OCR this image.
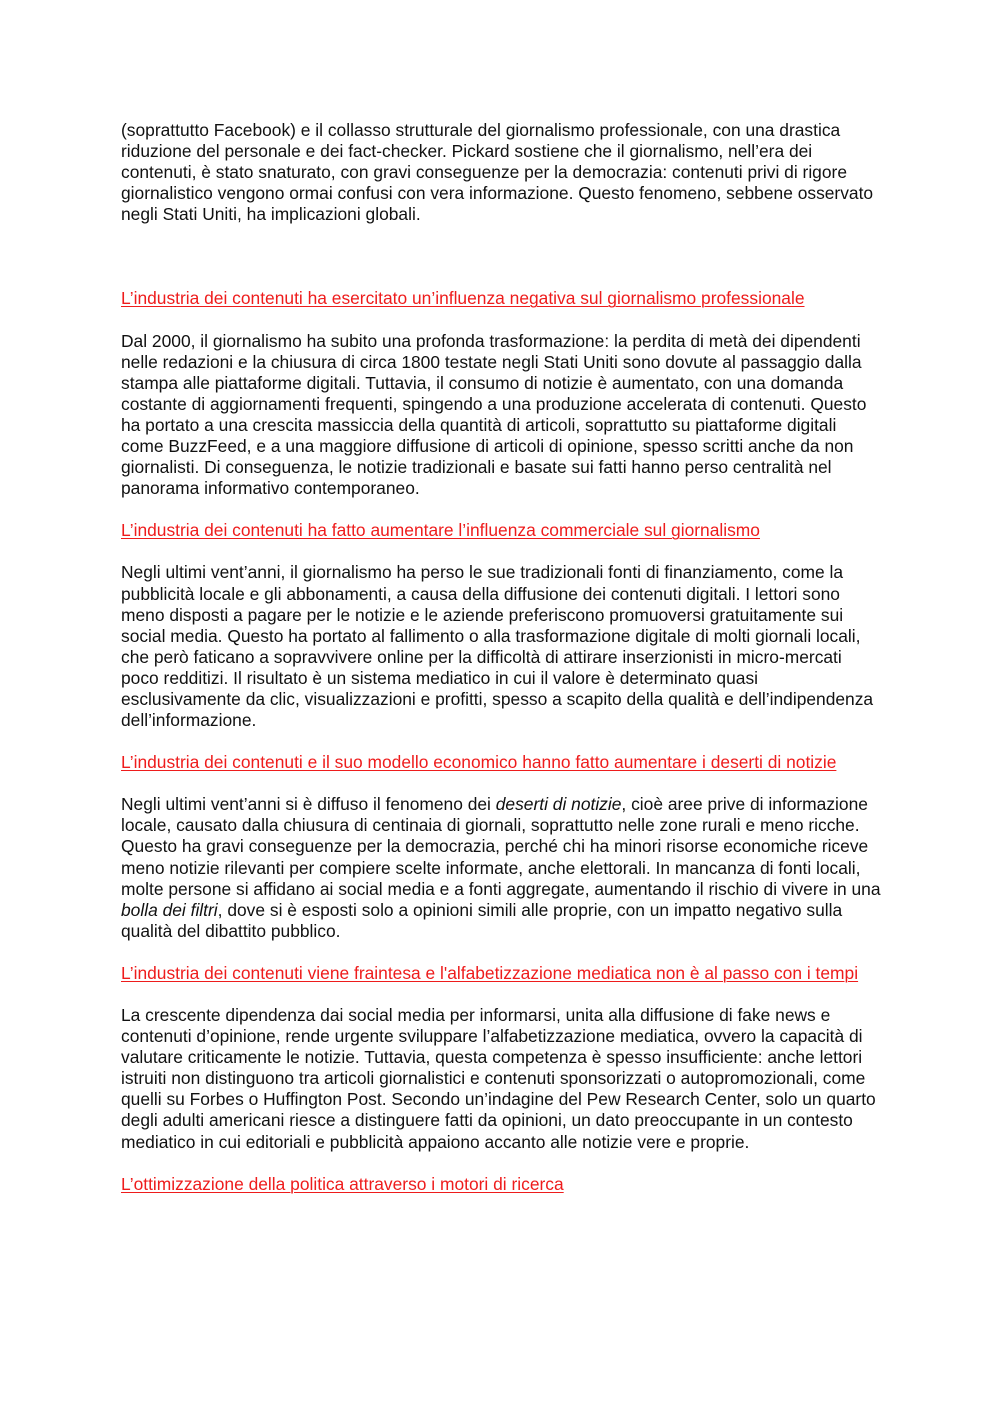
(soprattutto Facebook) e il collasso strutturale del giornalismo professionale, con una drastica riduzione del personale e dei fact-checker. Pickard sostiene che il giornalismo, nell’era dei contenuti, è stato snaturato, con gravi conseguenze per la democrazia: contenuti privi di rigore giornalistico vengono ormai confusi con vera informazione. Questo fenomeno, sebbene osservato negli Stati Uniti, ha implicazioni globali.

L’industria dei contenuti ha esercitato un’influenza negativa sul giornalismo professionale

Dal 2000, il giornalismo ha subito una profonda trasformazione: la perdita di metà dei dipendenti nelle redazioni e la chiusura di circa 1800 testate negli Stati Uniti sono dovute al passaggio dalla stampa alle piattaforme digitali. Tuttavia, il consumo di notizie è aumentato, con una domanda costante di aggiornamenti frequenti, spingendo a una produzione accelerata di contenuti. Questo ha portato a una crescita massiccia della quantità di articoli, soprattutto su piattaforme digitali come BuzzFeed, e a una maggiore diffusione di articoli di opinione, spesso scritti anche da non giornalisti. Di conseguenza, le notizie tradizionali e basate sui fatti hanno perso centralità nel panorama informativo contemporaneo.

L’industria dei contenuti ha fatto aumentare l’influenza commerciale sul giornalismo

Negli ultimi vent’anni, il giornalismo ha perso le sue tradizionali fonti di finanziamento, come la pubblicità locale e gli abbonamenti, a causa della diffusione dei contenuti digitali. I lettori sono meno disposti a pagare per le notizie e le aziende preferiscono promuoversi gratuitamente sui social media. Questo ha portato al fallimento o alla trasformazione digitale di molti giornali locali, che però faticano a sopravvivere online per la difficoltà di attirare inserzionisti in micro-mercati poco redditizi. Il risultato è un sistema mediatico in cui il valore è determinato quasi esclusivamente da clic, visualizzazioni e profitti, spesso a scapito della qualità e dell’indipendenza dell’informazione.

L’industria dei contenuti e il suo modello economico hanno fatto aumentare i deserti di notizie

Negli ultimi vent’anni si è diffuso il fenomeno dei deserti di notizie, cioè aree prive di informazione locale, causato dalla chiusura di centinaia di giornali, soprattutto nelle zone rurali e meno ricche. Questo ha gravi conseguenze per la democrazia, perché chi ha minori risorse economiche riceve meno notizie rilevanti per compiere scelte informate, anche elettorali. In mancanza di fonti locali, molte persone si affidano ai social media e a fonti aggregate, aumentando il rischio di vivere in una bolla dei filtri, dove si è esposti solo a opinioni simili alle proprie, con un impatto negativo sulla qualità del dibattito pubblico.

L’industria dei contenuti viene fraintesa e l'alfabetizzazione mediatica non è al passo con i tempi

La crescente dipendenza dai social media per informarsi, unita alla diffusione di fake news e contenuti d’opinione, rende urgente sviluppare l’alfabetizzazione mediatica, ovvero la capacità di valutare criticamente le notizie. Tuttavia, questa competenza è spesso insufficiente: anche lettori istruiti non distinguono tra articoli giornalistici e contenuti sponsorizzati o autopromozionali, come quelli su Forbes o Huffington Post. Secondo un’indagine del Pew Research Center, solo un quarto degli adulti americani riesce a distinguere fatti da opinioni, un dato preoccupante in un contesto mediatico in cui editoriali e pubblicità appaiono accanto alle notizie vere e proprie.

L’ottimizzazione della politica attraverso i motori di ricerca
